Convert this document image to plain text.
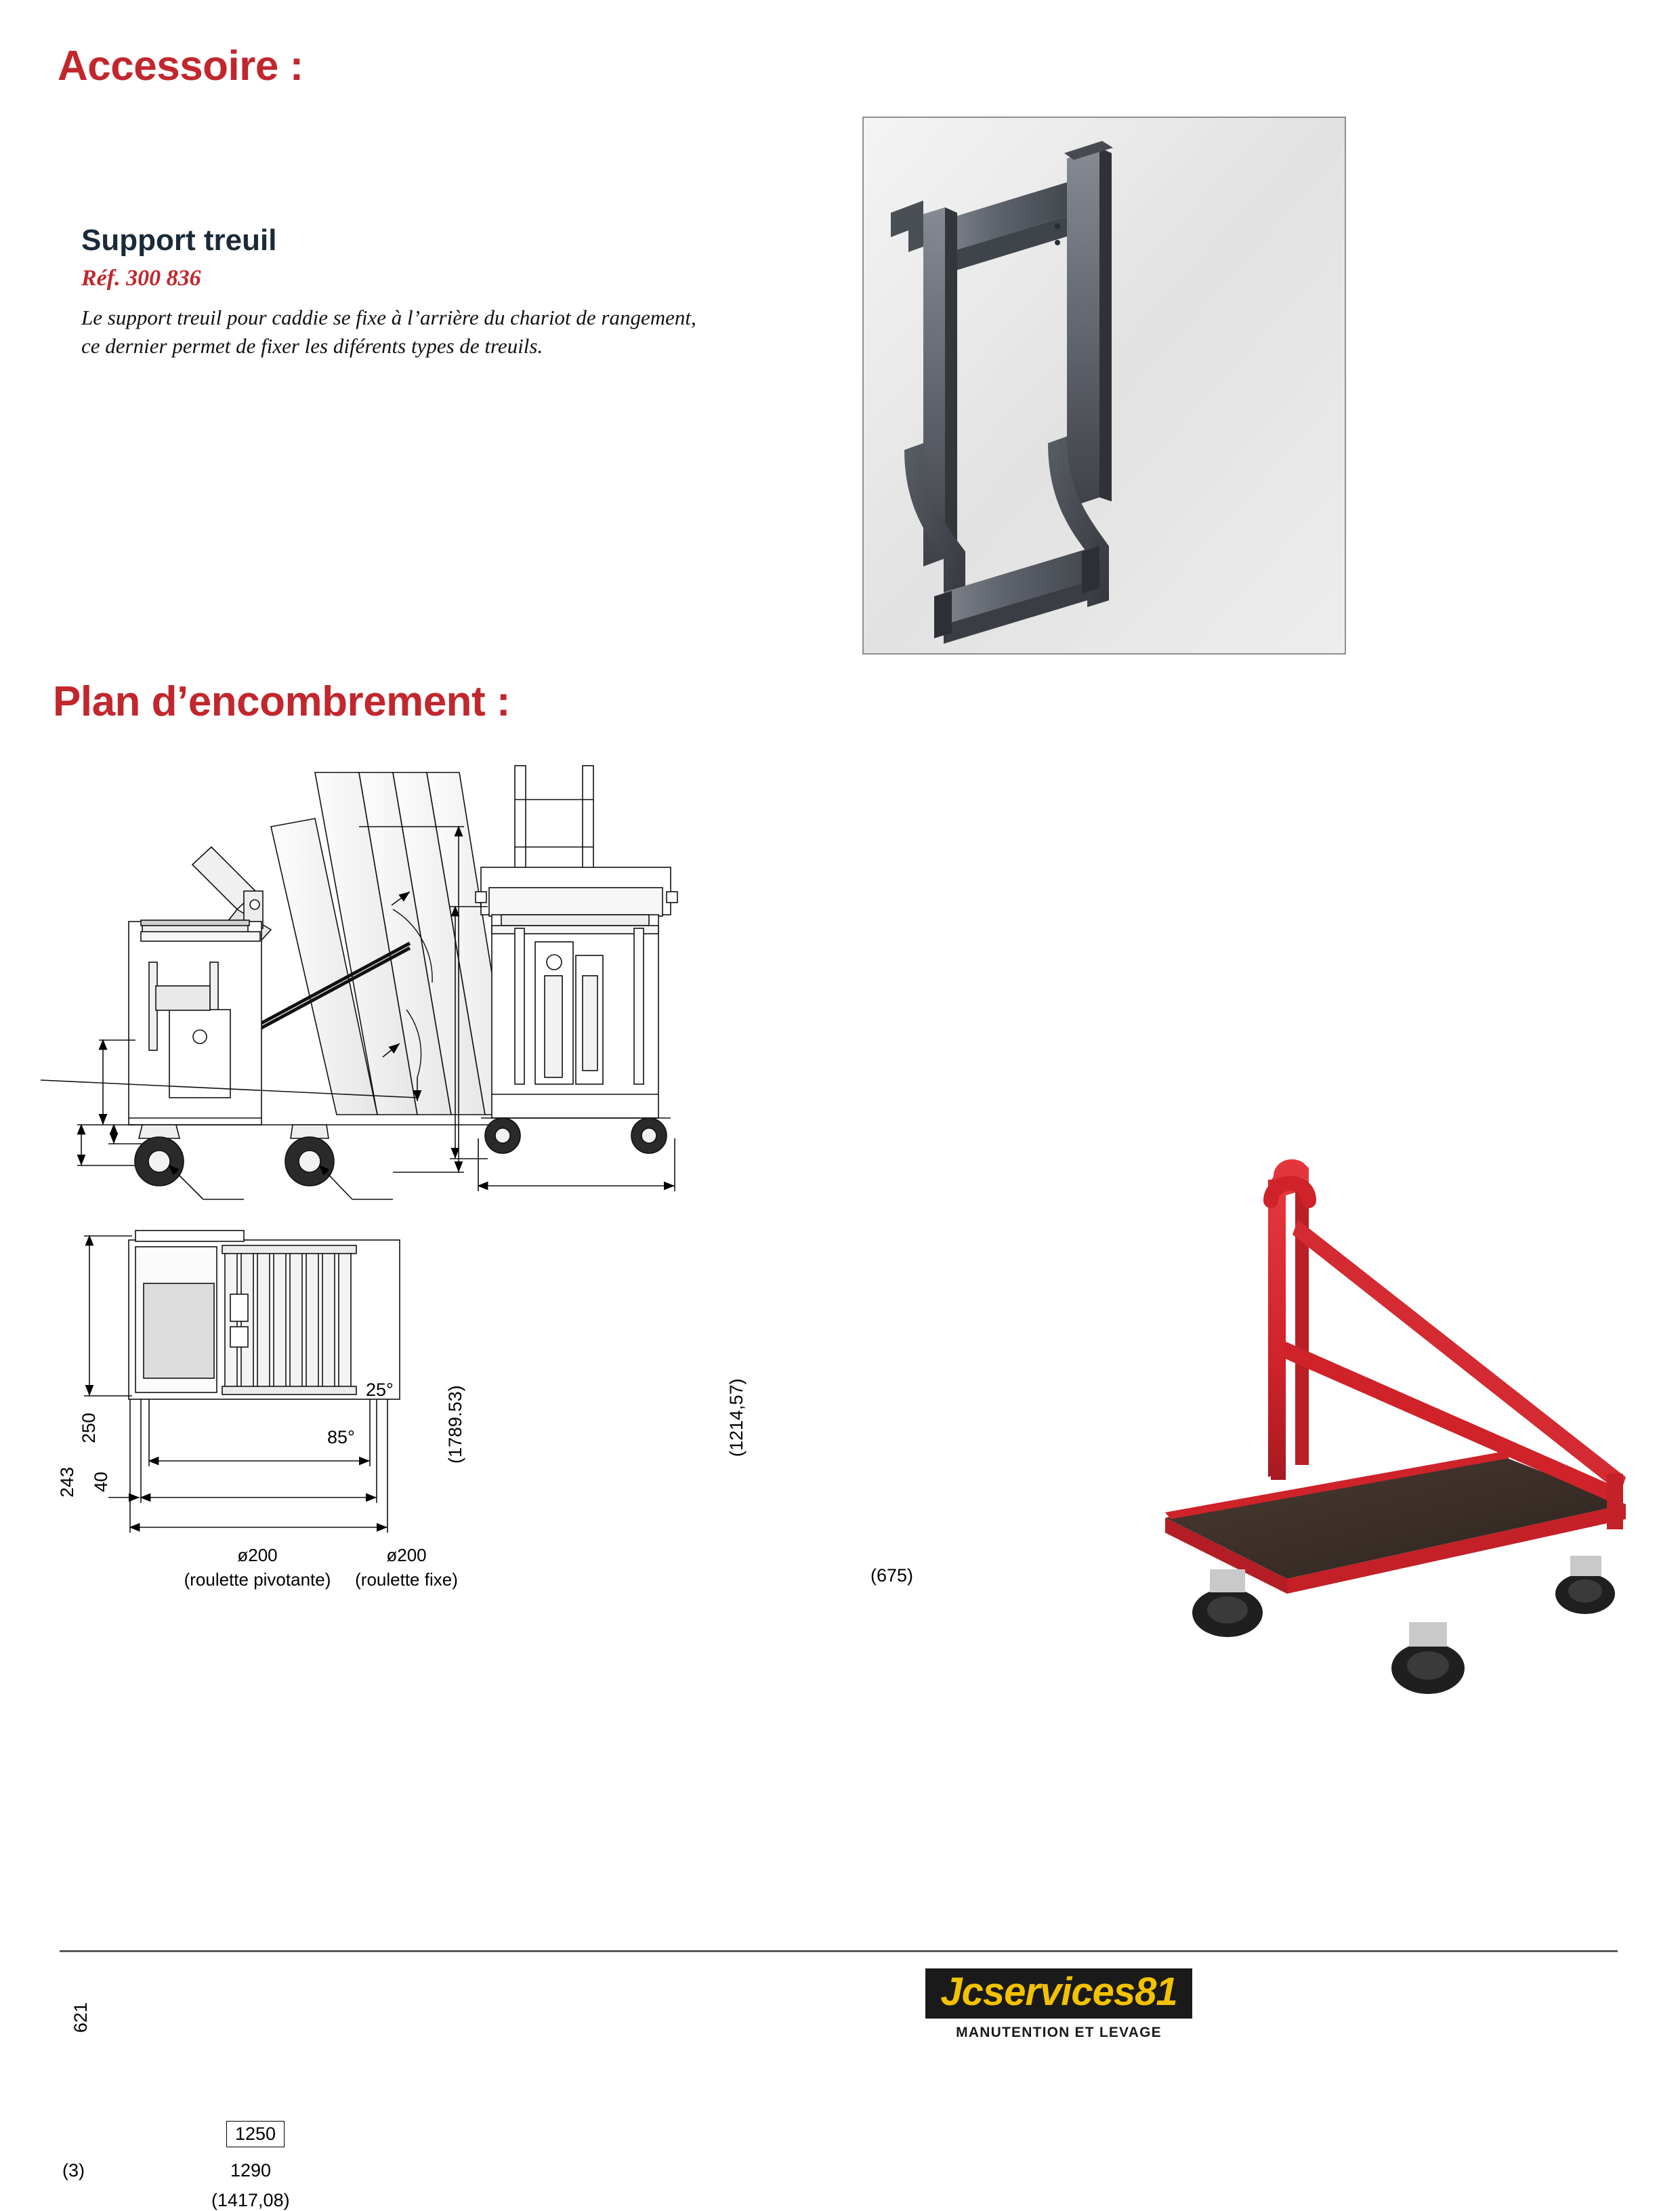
Accessoire :
Support treuil
Réf. 300 836

Le support treuil pour caddie se fixe à l’arrière du chariot de rangement, ce dernier permet de fixer les diférents types de treuils.

Plan d’encombrement :
(1789.53)
25°
85°
250
243 40
ø200
(roulette pivotante)
ø200
(roulette fixe)
(1214,57)
(675)
621
1250
1290
(1417,08)
(3)
Jcservices81
MANUTENTION ET LEVAGE
